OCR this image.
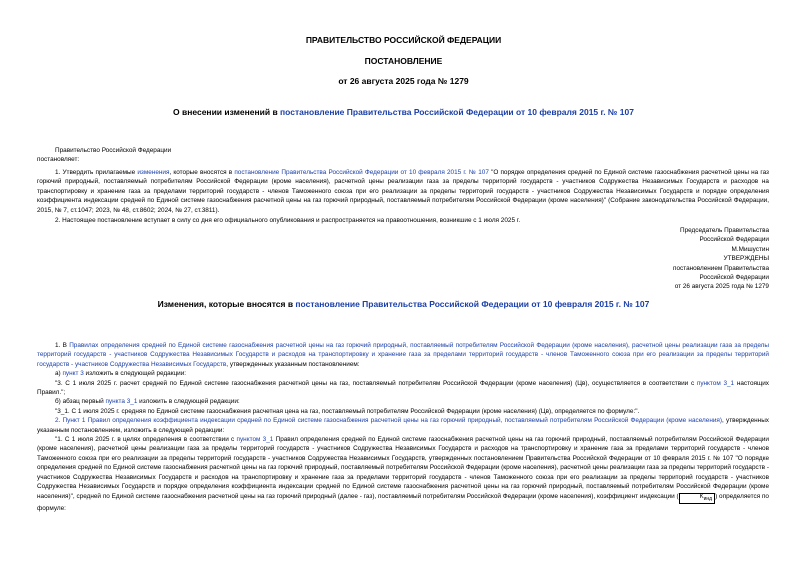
ПРАВИТЕЛЬСТВО РОССИЙСКОЙ ФЕДЕРАЦИИ
ПОСТАНОВЛЕНИЕ
от 26 августа 2025 года № 1279
О внесении изменений в постановление Правительства Российской Федерации от 10 февраля 2015 г. № 107
Правительство Российской Федерации
постановляет:
1. Утвердить прилагаемые изменения, которые вносятся в постановление Правительства Российской Федерации от 10 февраля 2015 г. № 107 "О порядке определения средней по Единой системе газоснабжения расчетной цены на газ горючий природный, поставляемый потребителям Российской Федерации (кроме населения), расчетной цены реализации газа за пределы территорий государств - участников Содружества Независимых Государств и расходов на транспортировку и хранение газа за пределами территорий государств - членов Таможенного союза при его реализации за пределы территорий государств - участников Содружества Независимых Государств и порядке определения коэффициента индексации средней по Единой системе газоснабжения расчетной цены на газ горючий природный, поставляемый потребителям Российской Федерации (кроме населения)" (Собрание законодательства Российской Федерации, 2015, № 7, ст.1047; 2023, № 48, ст.8602; 2024, № 27, ст.3811).
2. Настоящее постановление вступает в силу со дня его официального опубликования и распространяется на правоотношения, возникшие с 1 июля 2025 г.
Председатель Правительства
Российской Федерации
М.Мишустин
УТВЕРЖДЕНЫ
постановлением Правительства
Российской Федерации
от 26 августа 2025 года № 1279
Изменения, которые вносятся в постановление Правительства Российской Федерации от 10 февраля 2015 г. № 107
1. В Правилах определения средней по Единой системе газоснабжения расчетной цены на газ горючий природный, поставляемый потребителям Российской Федерации (кроме населения), расчетной цены реализации газа за пределы территорий государств - участников Содружества Независимых Государств и расходов на транспортировку и хранение газа за пределами территорий государств - членов Таможенного союза при его реализации за пределы территорий государств - участников Содружества Независимых Государств, утвержденных указанным постановлением:
а) пункт 3 изложить в следующей редакции:
"3. С 1 июля 2025 г. расчет средней по Единой системе газоснабжения расчетной цены на газ, поставляемый потребителям Российской Федерации (кроме населения) (Цв), осуществляется в соответствии с пунктом 3_1 настоящих Правил.";
б) абзац первый пункта 3_1 изложить в следующей редакции:
"3_1. С 1 июля 2025 г. средняя по Единой системе газоснабжения расчетная цена на газ, поставляемый потребителям Российской Федерации (кроме населения) (Цв), определяется по формуле:".
2. Пункт 1 Правил определения коэффициента индексации средней по Единой системе газоснабжения расчетной цены на газ горючий природный, поставляемый потребителям Российской Федерации (кроме населения), утвержденных указанным постановлением, изложить в следующей редакции:
"1. С 1 июля 2025 г. в целях определения в соответствии с пунктом 3_1 Правил определения средней по Единой системе газоснабжения расчетной цены на газ горючий природный, поставляемый потребителям Российской Федерации (кроме населения), расчетной цены реализации газа за пределы территорий государств - участников Содружества Независимых Государств и расходов на транспортировку и хранение газа за пределами территорий государств - членов Таможенного союза при его реализации за пределы территорий государств - участников Содружества Независимых Государств, утвержденных постановлением Правительства Российской Федерации от 10 февраля 2015 г. № 107 "О порядке определения средней по Единой системе газоснабжения расчетной цены на газ горючий природный, поставляемый потребителям Российской Федерации (кроме населения), расчетной цены реализации газа за пределы территорий государств - участников Содружества Независимых Государств и расходов на транспортировку и хранение газа за пределами территорий государств - членов Таможенного союза при его реализации за пределы территорий государств - участников Содружества Независимых Государств и порядке определения коэффициента индексации средней по Единой системе газоснабжения расчетной цены на газ горючий природный, поставляемый потребителям Российской Федерации (кроме населения)", средней по Единой системе газоснабжения расчетной цены на газ горючий природный (далее - газ), поставляемый потребителям Российской Федерации (кроме населения), коэффициент индексации (	$K_{инд}$ ) определяется по формуле:
